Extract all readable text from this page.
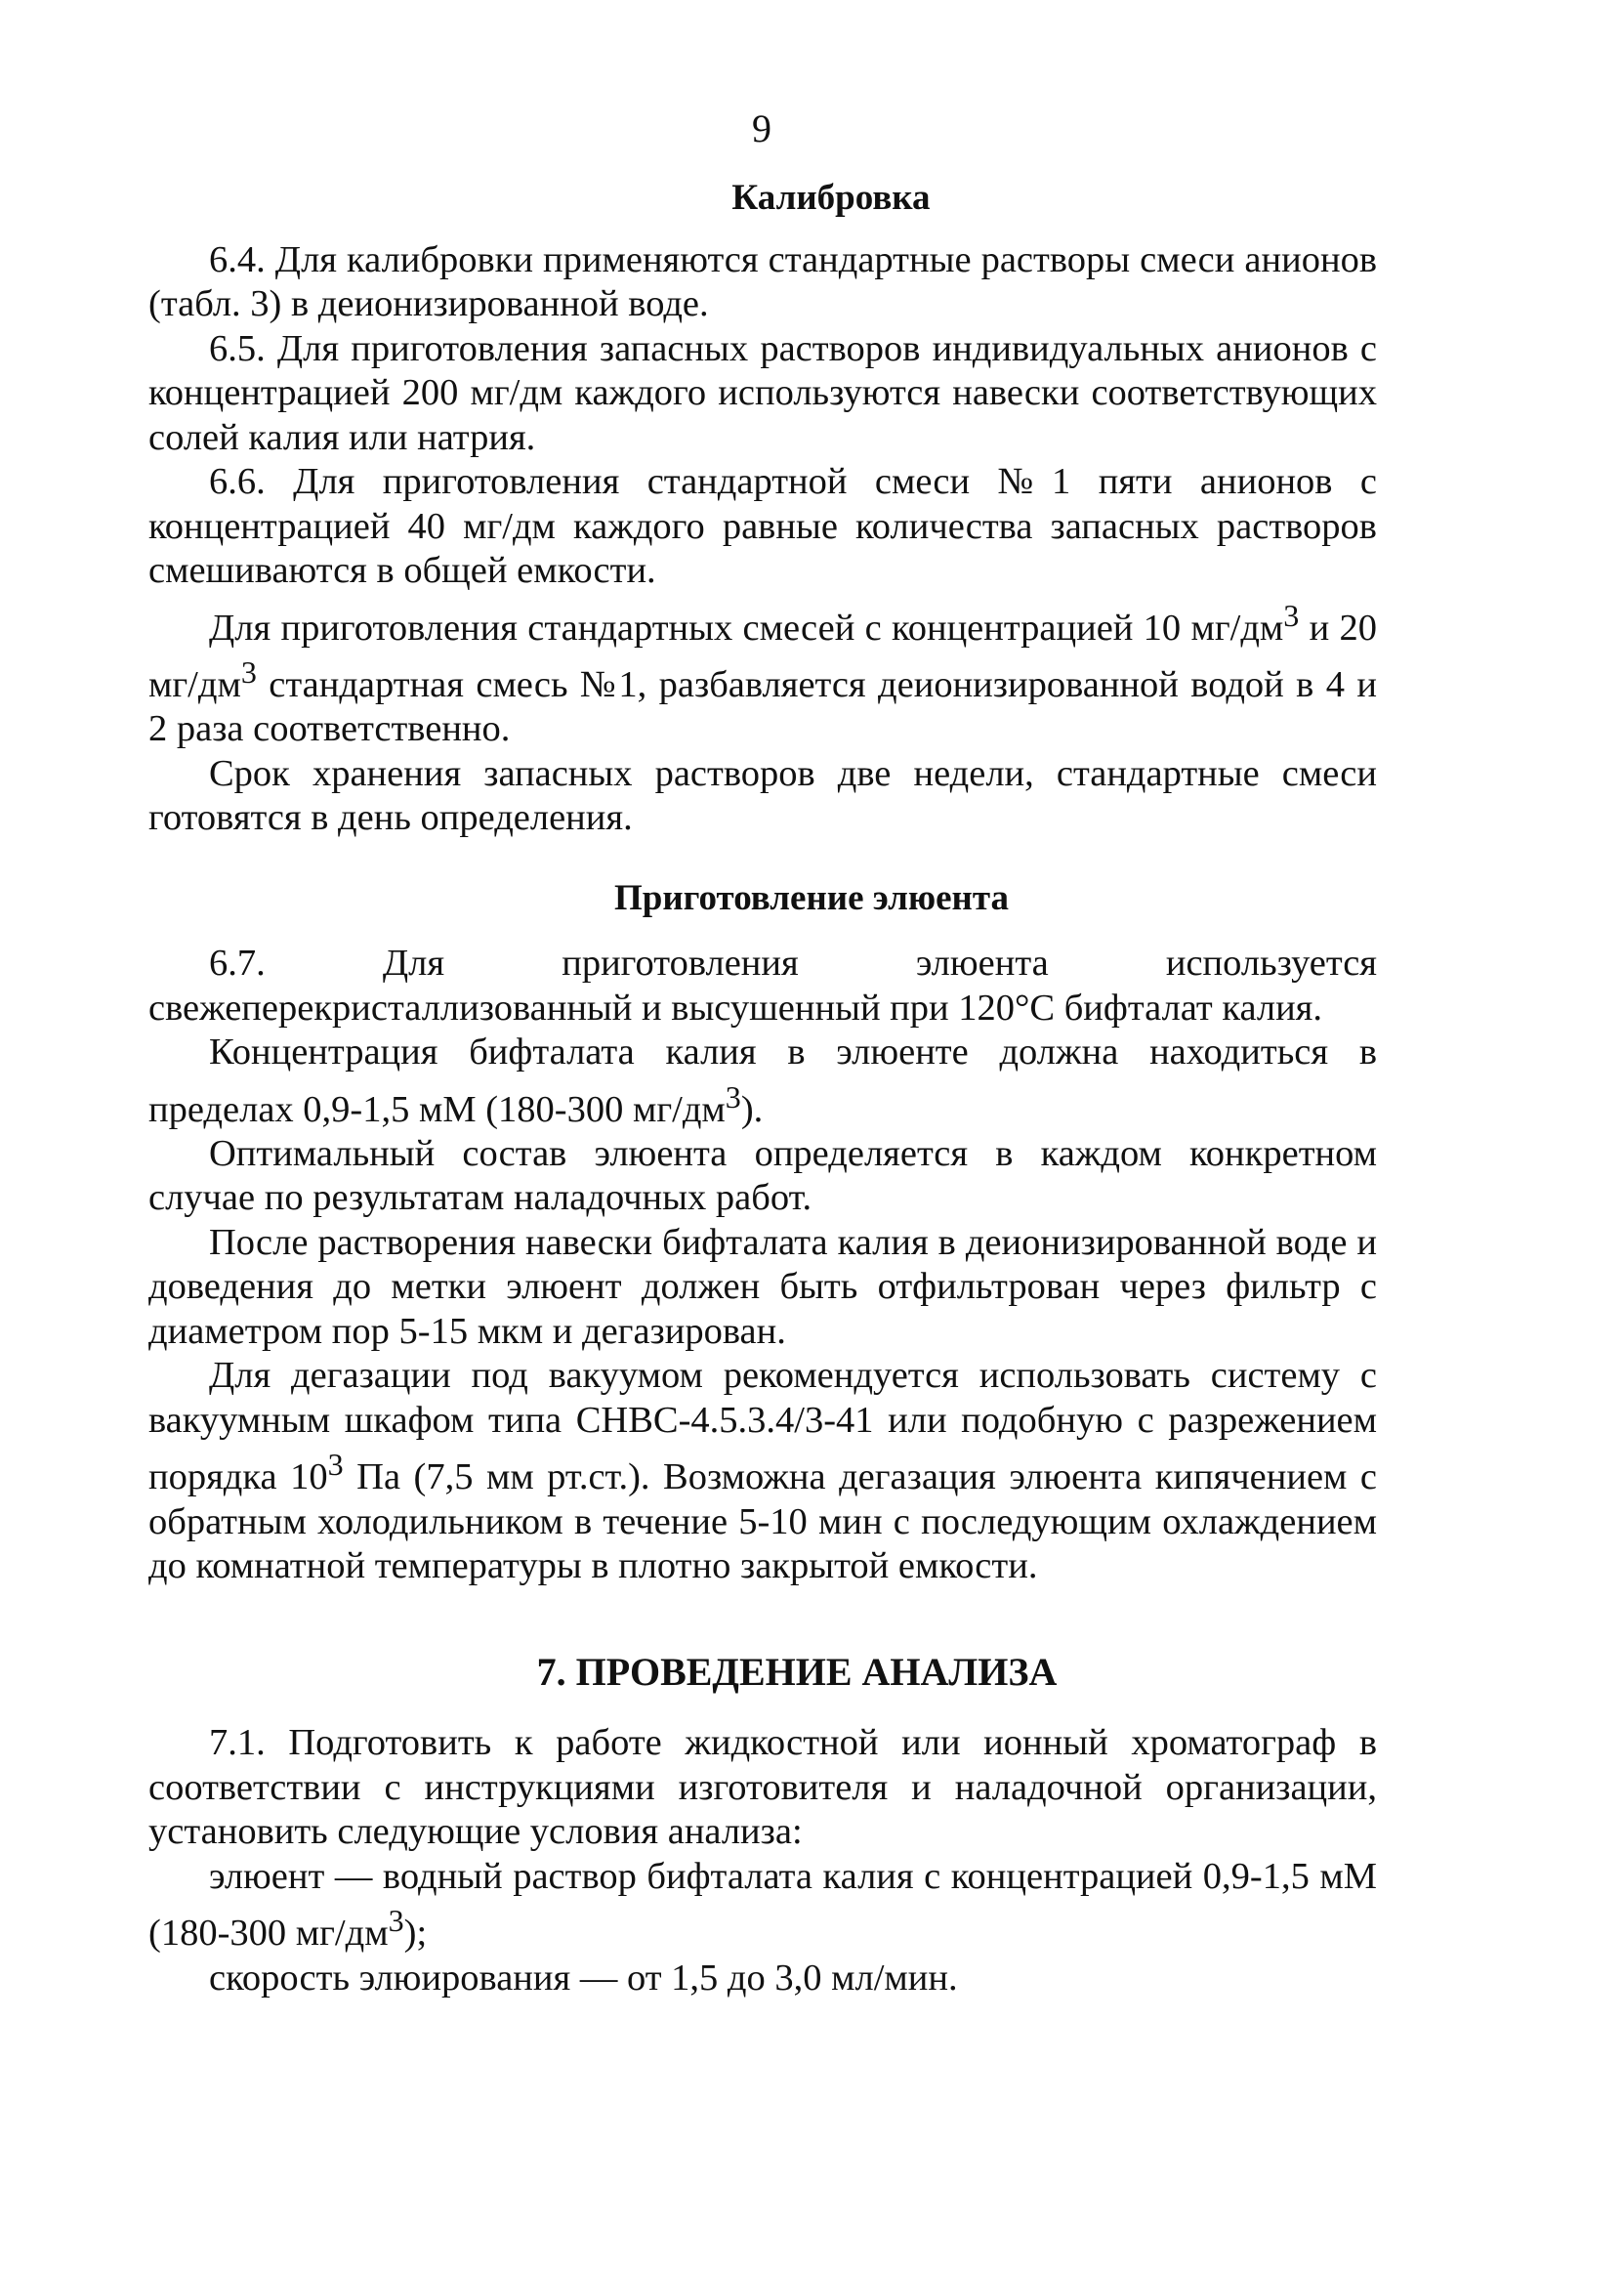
9
Калибровка

6.4. Для калибровки применяются стандартные растворы смеси анионов (табл. 3) в деионизированной воде.

6.5. Для приготовления запасных растворов индивидуальных анионов с концентрацией 200 мг/дм каждого используются навески соответствующих солей калия или натрия.

6.6. Для приготовления стандартной смеси №1 пяти анионов с концентрацией 40 мг/дм каждого равные количества запасных растворов смешиваются в общей емкости.

Для приготовления стандартных смесей с концентрацией 10 $мг/дм^3$ и 20 $мг/дм^3$ стандартная смесь №1, разбавляется деионизированной водой в 4 и 2 раза соответственно.

Срок хранения запасных растворов две недели, стандартные смеси готовятся в день определения.

Приготовление элюента

6.7. Для приготовления элюента используется свежеперекристаллизованный и высушенный при 120°С бифталат калия.

Концентрация бифталата калия в элюенте должна находиться в пределах 0,9-1,5 мМ (180-300 $мг/дм^3$).

Оптимальный состав элюента определяется в каждом конкретном случае по результатам наладочных работ.

После растворения навески бифталата калия в деионизированной воде и доведения до метки элюент должен быть отфильтрован через фильтр с диаметром пор 5-15 мкм и дегазирован.

Для дегазации под вакуумом рекомендуется использовать систему с вакуумным шкафом типа СНВС-4.5.3.4/3-41 или подобную с разрежением порядка $10^3$ Па (7,5 мм рт.ст.). Возможна дегазация элюента кипячением с обратным холодильником в течение 5-10 мин с последующим охлаждением до комнатной температуры в плотно закрытой емкости.

7. ПРОВЕДЕНИЕ АНАЛИЗА

7.1. Подготовить к работе жидкостной или ионный хроматограф в соответствии с инструкциями изготовителя и наладочной организации, установить следующие условия анализа:

элюент — водный раствор бифталата калия с концентрацией 0,9-1,5 мМ (180-300 $мг/дм^3$);

скорость элюирования — от 1,5 до 3,0 мл/мин.
